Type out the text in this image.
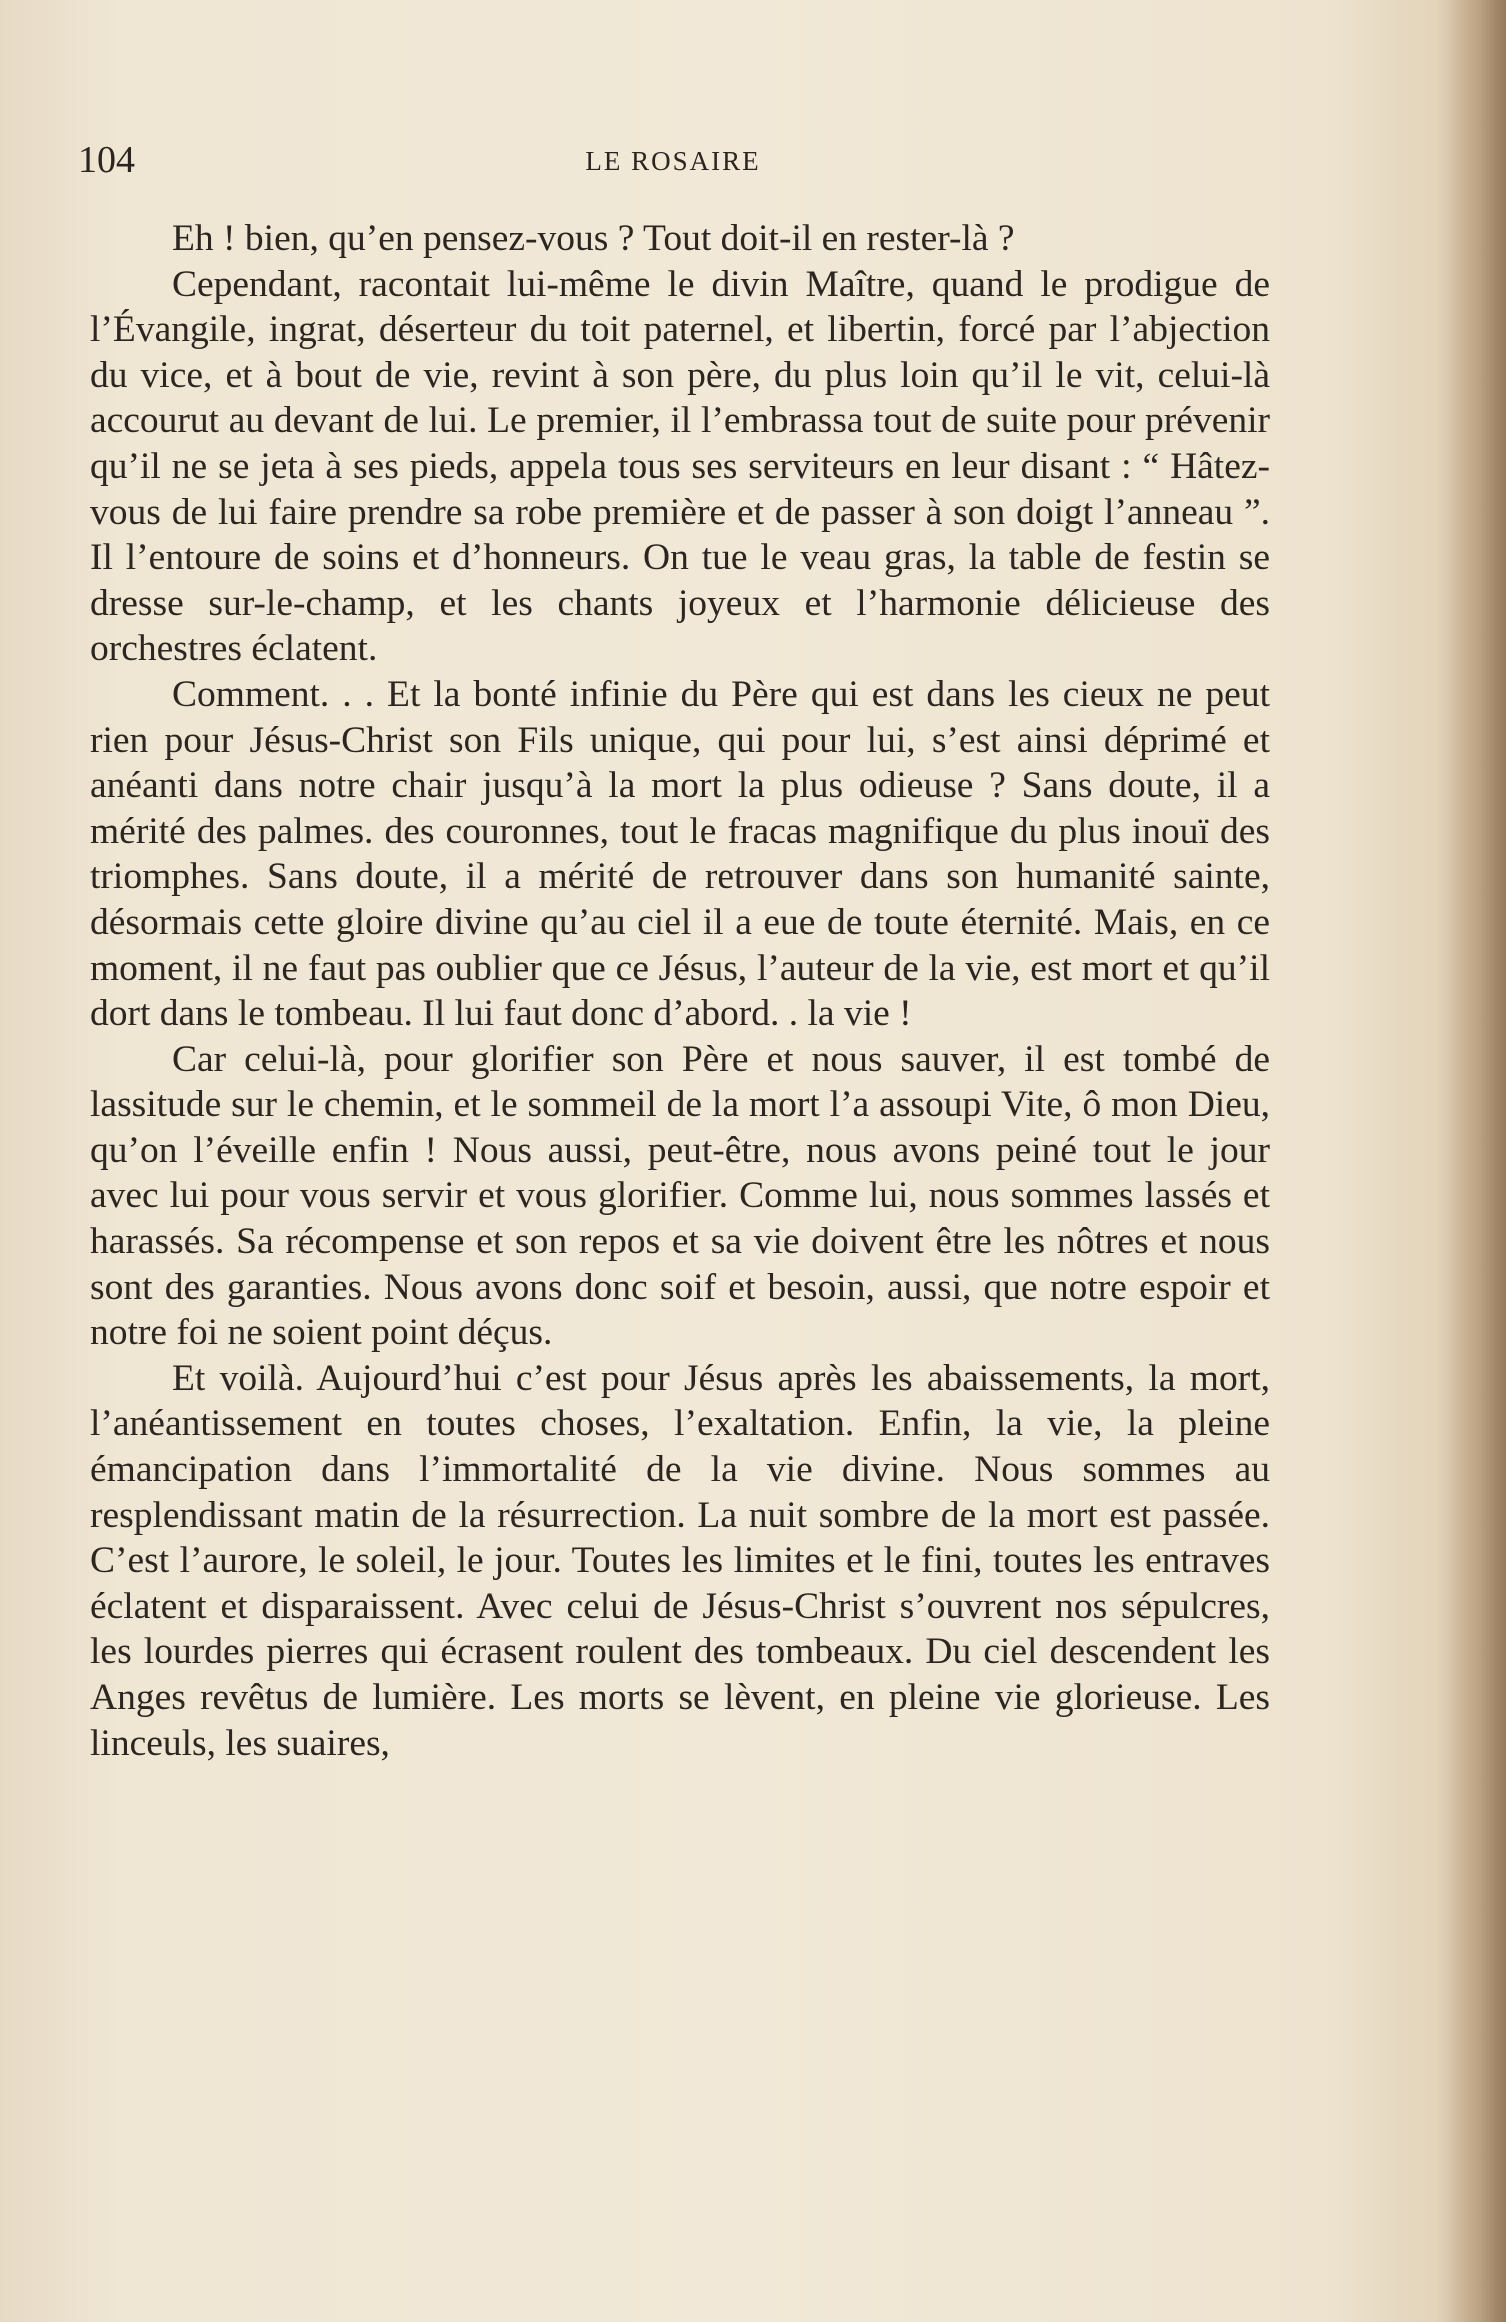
104	LE ROSAIRE

Eh ! bien, qu’en pensez-vous ? Tout doit-il en rester-là ?

Cependant, racontait lui-même le divin Maître, quand le prodigue de l’Évangile, ingrat, déserteur du toit paternel, et libertin, forcé par l’abjection du vice, et à bout de vie, revint à son père, du plus loin qu’il le vit, celui-là accourut au devant de lui. Le premier, il l’embrassa tout de suite pour prévenir qu’il ne se jeta à ses pieds, appela tous ses serviteurs en leur disant : “ Hâtez-vous de lui faire prendre sa robe première et de passer à son doigt l’anneau ”. Il l’entoure de soins et d’honneurs. On tue le veau gras, la table de festin se dresse sur-le-champ, et les chants joyeux et l’harmonie délicieuse des orchestres éclatent.

Comment. . . Et la bonté infinie du Père qui est dans les cieux ne peut rien pour Jésus-Christ son Fils unique, qui pour lui, s’est ainsi déprimé et anéanti dans notre chair jusqu’à la mort la plus odieuse ? Sans doute, il a mérité des palmes. des couronnes, tout le fracas magnifique du plus inouï des triomphes. Sans doute, il a mérité de retrouver dans son humanité sainte, désormais cette gloire divine qu’au ciel il a eue de toute éternité. Mais, en ce moment, il ne faut pas oublier que ce Jésus, l’auteur de la vie, est mort et qu’il dort dans le tombeau. Il lui faut donc d’abord. . la vie !

Car celui-là, pour glorifier son Père et nous sauver, il est tombé de lassitude sur le chemin, et le sommeil de la mort l’a assoupi Vite, ô mon Dieu, qu’on l’éveille enfin ! Nous aussi, peut-être, nous avons peiné tout le jour avec lui pour vous servir et vous glorifier. Comme lui, nous sommes lassés et harassés. Sa récompense et son repos et sa vie doivent être les nôtres et nous sont des garanties. Nous avons donc soif et besoin, aussi, que notre espoir et notre foi ne soient point déçus.

Et voilà. Aujourd’hui c’est pour Jésus après les abaissements, la mort, l’anéantissement en toutes choses, l’exaltation. Enfin, la vie, la pleine émancipation dans l’immortalité de la vie divine. Nous sommes au resplendissant matin de la résurrection. La nuit sombre de la mort est passée. C’est l’aurore, le soleil, le jour. Toutes les limites et le fini, toutes les entraves éclatent et disparaissent. Avec celui de Jésus-Christ s’ouvrent nos sépulcres, les lourdes pierres qui écrasent roulent des tombeaux. Du ciel descendent les Anges revêtus de lumière. Les morts se lèvent, en pleine vie glorieuse. Les linceuls, les suaires,
